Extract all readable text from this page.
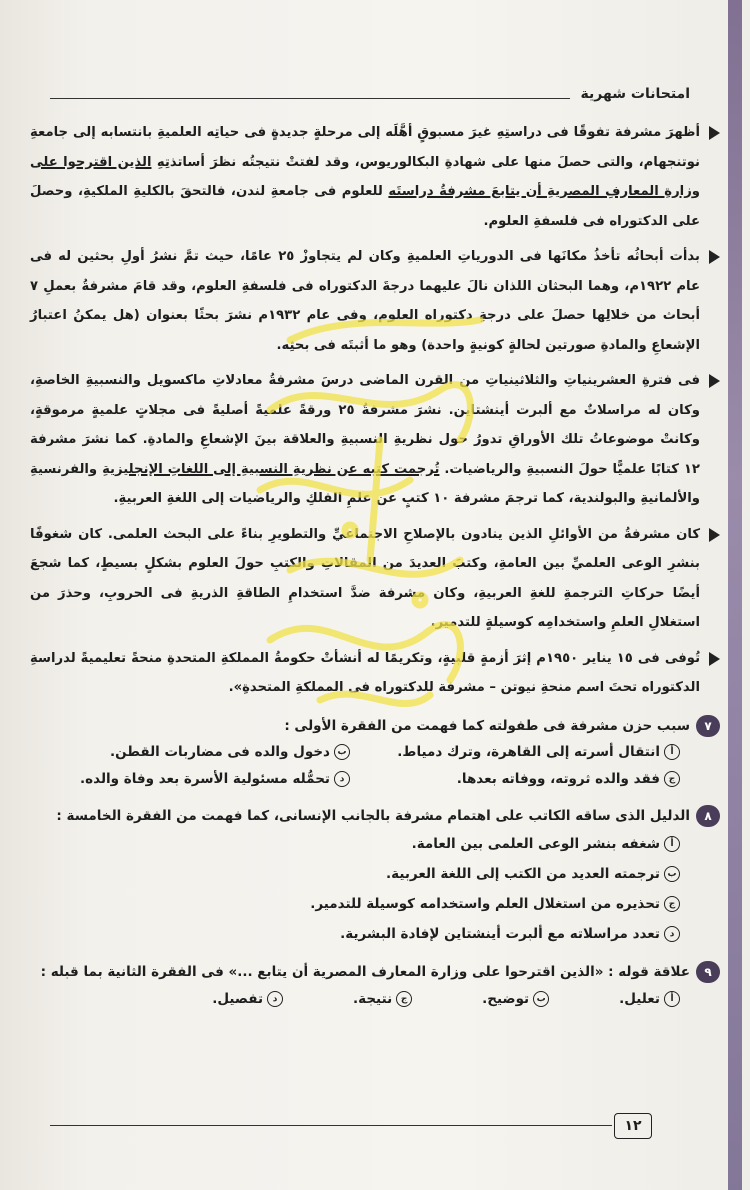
امتحانات شهرية

أظهرَ مشرفة تفوقًا فى دراستِهِ غيرَ مسبوقٍ أهَّلَه إلى مرحلةٍ جديدةٍ فى حياتِه العلميةِ بانتسابه إلى جامعةِ نوتنجهام، والتى حصلَ منها على شهادةِ البكالوريوس، وقد لفتتْ نتيجتُه نظرَ أساتذتِهِ الذين اقترحوا على وزارةِ المعارفِ المصريةِ أن يتابعَ مشرفةُ دراستَه للعلوم فى جامعةِ لندن، فالتحقَ بالكليةِ الملكيةِ، وحصلَ على الدكتوراه فى فلسفةِ العلوم.

بدأت أبحاثُه تأخذُ مكانَها فى الدورياتِ العلميةِ وكان لم يتجاوزْ ٢٥ عامًا، حيث تمَّ نشرُ أولِ بحثين له فى عام ١٩٢٢م، وهما البحثان اللذان نالَ عليهما درجةَ الدكتوراه فى فلسفةِ العلوم، وقد قامَ مشرفةُ بعملِ ٧ أبحاث من خلالِها حصلَ على درجةِ دكتوراه العلوم، وفى عام ١٩٣٢م نشرَ بحثًا بعنوان (هل يمكنُ اعتبارُ الإشعاعِ والمادةِ صورتين لحالةٍ كونيةٍ واحدة) وهو ما أثبتَه فى بحثِه.

فى فترةِ العشرينياتِ والثلاثينياتِ من القرن الماضى درسَ مشرفةُ معادلاتِ ماكسويل والنسبيةِ الخاصةِ، وكان له مراسلاتٌ مع ألبرت أينشتاين. نشرَ مشرفةُ ٢٥ ورقةً علميةً أصليةً فى مجلاتٍ علميةٍ مرموقةٍ، وكانتْ موضوعاتُ تلك الأوراقِ تدورُ حول نظريةِ النسبيةِ والعلاقة بينَ الإشعاعِ والمادةِ. كما نشرَ مشرفة ١٢ كتابًا علميًّا حولَ النسبيةِ والرياضيات. تُرجمت كتبه عن نظريةِ النسبيةِ إلى اللغاتِ الإنجليزيةِ والفرنسيةِ والألمانيةِ والبولندية، كما ترجمَ مشرفة ١٠ كتبٍ عن علمِ الفلكِ والرياضيات إلى اللغةِ العربيةِ.

كان مشرفةُ من الأوائلِ الذين ينادون بالإصلاحِ الاجتماعيِّ والتطويرِ بناءً على البحث العلمى. كان شغوفًا بنشرِ الوعى العلميِّ بين العامةِ، وكتبَ العديدَ من المقالاتِ والكتبِ حولَ العلوم بشكلٍ بسيطٍ، كما شجعَ أيضًا حركاتِ الترجمةِ للغةِ العربيةِ، وكان مشرفة ضدَّ استخدامِ الطاقةِ الذريةِ فى الحروبِ، وحذرَ من استغلالِ العلمِ واستخدامِه كوسيلةٍ للتدمير.

تُوفى فى ١٥ يناير ١٩٥٠م إثرَ أزمةٍ قلبيةٍ، وتكريمًا له أنشأتْ حكومةُ المملكةِ المتحدةِ منحةً تعليميةً لدراسةِ الدكتوراه تحتَ اسم منحةِ نيوتن – مشرفة للدكتوراه فى المملكةِ المتحدةِ».

٧
سبب حزن مشرفة فى طفولته كما فهمت من الفقرة الأولى :
أانتقال أسرته إلى القاهرة، وترك دمياط.
بدخول والده فى مضاربات القطن.
جفقد والده ثروته، ووفاته بعدها.
دتحمُّله مسئولية الأسرة بعد وفاة والده.
٨
الدليل الذى ساقه الكاتب على اهتمام مشرفة بالجانب الإنسانى، كما فهمت من الفقرة الخامسة :
أشغفه بنشر الوعى العلمى بين العامة.
بترجمته العديد من الكتب إلى اللغة العربية.
جتحذيره من استغلال العلم واستخدامه كوسيلة للتدمير.
دتعدد مراسلاته مع ألبرت أينشتاين لإفادة البشرية.
٩
علاقة قوله : «الذين اقترحوا على وزارة المعارف المصرية أن يتابع ...» فى الفقرة الثانية بما قبله :
أتعليل.
بتوضيح.
جنتيجة.
دتفصيل.
١٢
